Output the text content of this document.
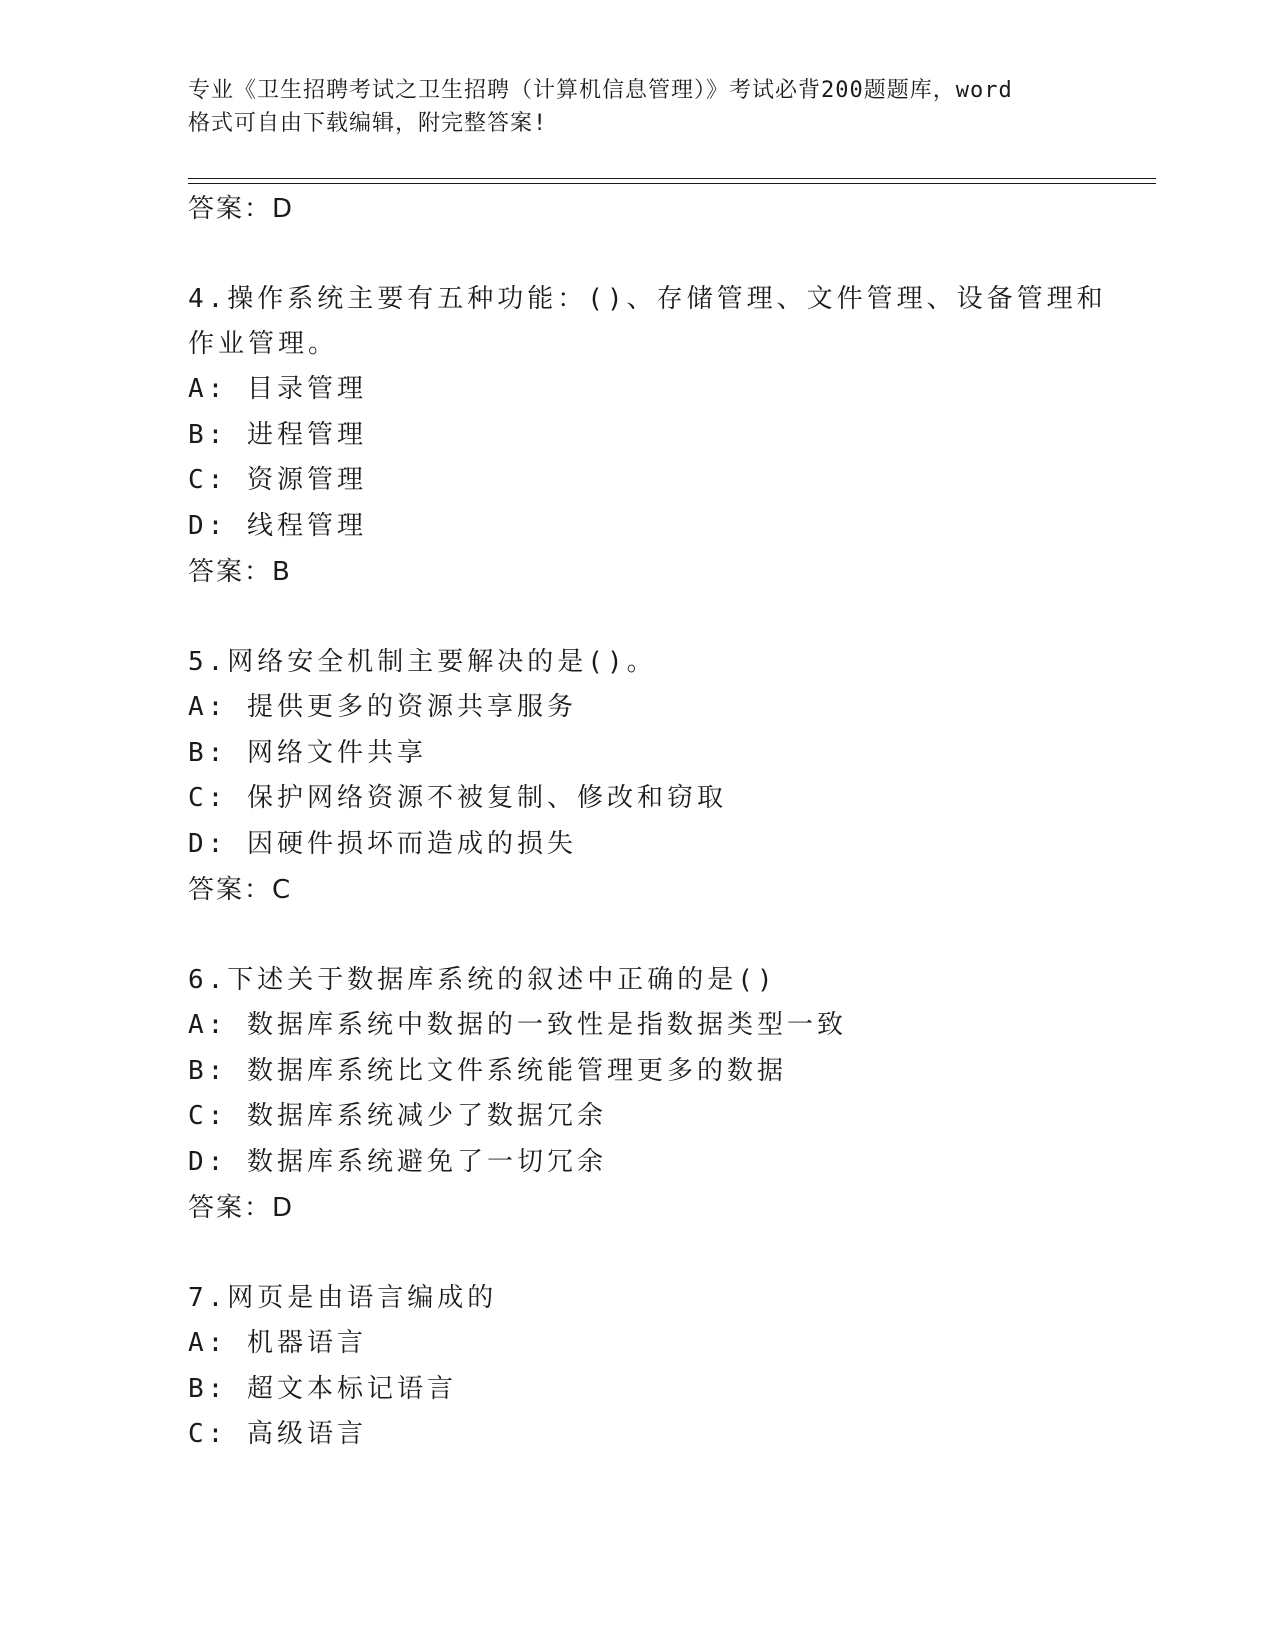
专业《卫生招聘考试之卫生招聘（计算机信息管理）》考试必背200题题库，word
格式可自由下载编辑，附完整答案!
答案：D
4.操作系统主要有五种功能：()、存储管理、文件管理、设备管理和
作业管理。
A: 目录管理
B: 进程管理
C: 资源管理
D: 线程管理
答案：B
5.网络安全机制主要解决的是()。
A: 提供更多的资源共享服务
B: 网络文件共享
C: 保护网络资源不被复制、修改和窃取
D: 因硬件损坏而造成的损失
答案：C
6.下述关于数据库系统的叙述中正确的是()
A: 数据库系统中数据的一致性是指数据类型一致
B: 数据库系统比文件系统能管理更多的数据
C: 数据库系统减少了数据冗余
D: 数据库系统避免了一切冗余
答案：D
7.网页是由语言编成的
A: 机器语言
B: 超文本标记语言
C: 高级语言
